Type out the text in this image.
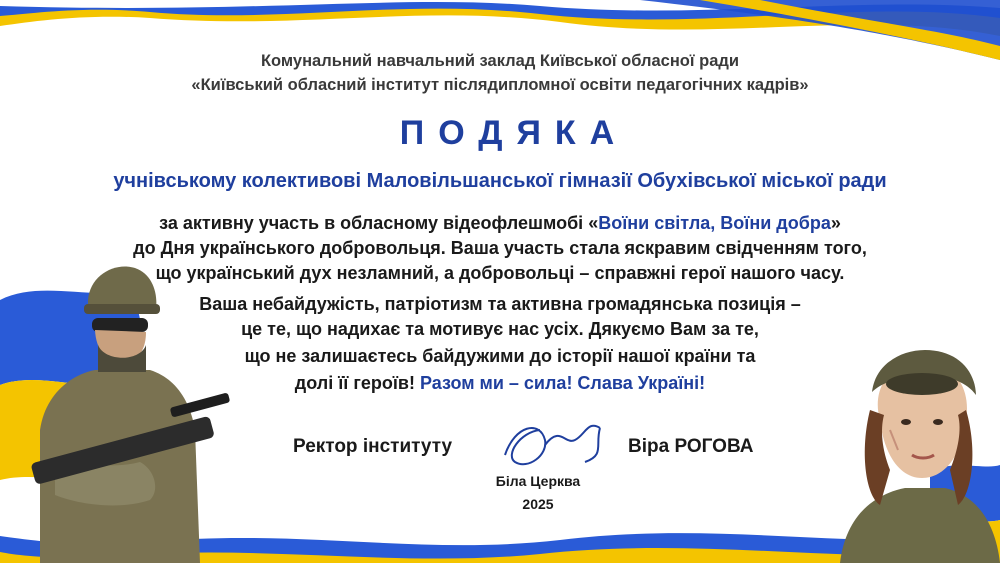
Комунальний навчальний заклад Київської обласної ради
«Київський обласний інститут післядипломної освіти педагогічних кадрів»
ПОДЯКА
учнівському колективові Маловільшанської гімназії Обухівської міської ради
за активну участь в обласному відеофлешмобі «Воїни світла, Воїни добра»
до Дня українського добровольця. Ваша участь стала яскравим свідченням того,
що український дух незламний, а добровольці – справжні герої нашого часу.
Ваша небайдужість, патріотизм та активна громадянська позиція –
це те, що надихає та мотивує нас усіх. Дякуємо Вам за те,
що не залишаєтесь байдужими до історії нашої країни та
долі її героїв! Разом ми – сила! Слава Україні!
Ректор інституту	Віра РОГОВА
Біла Церква
2025
